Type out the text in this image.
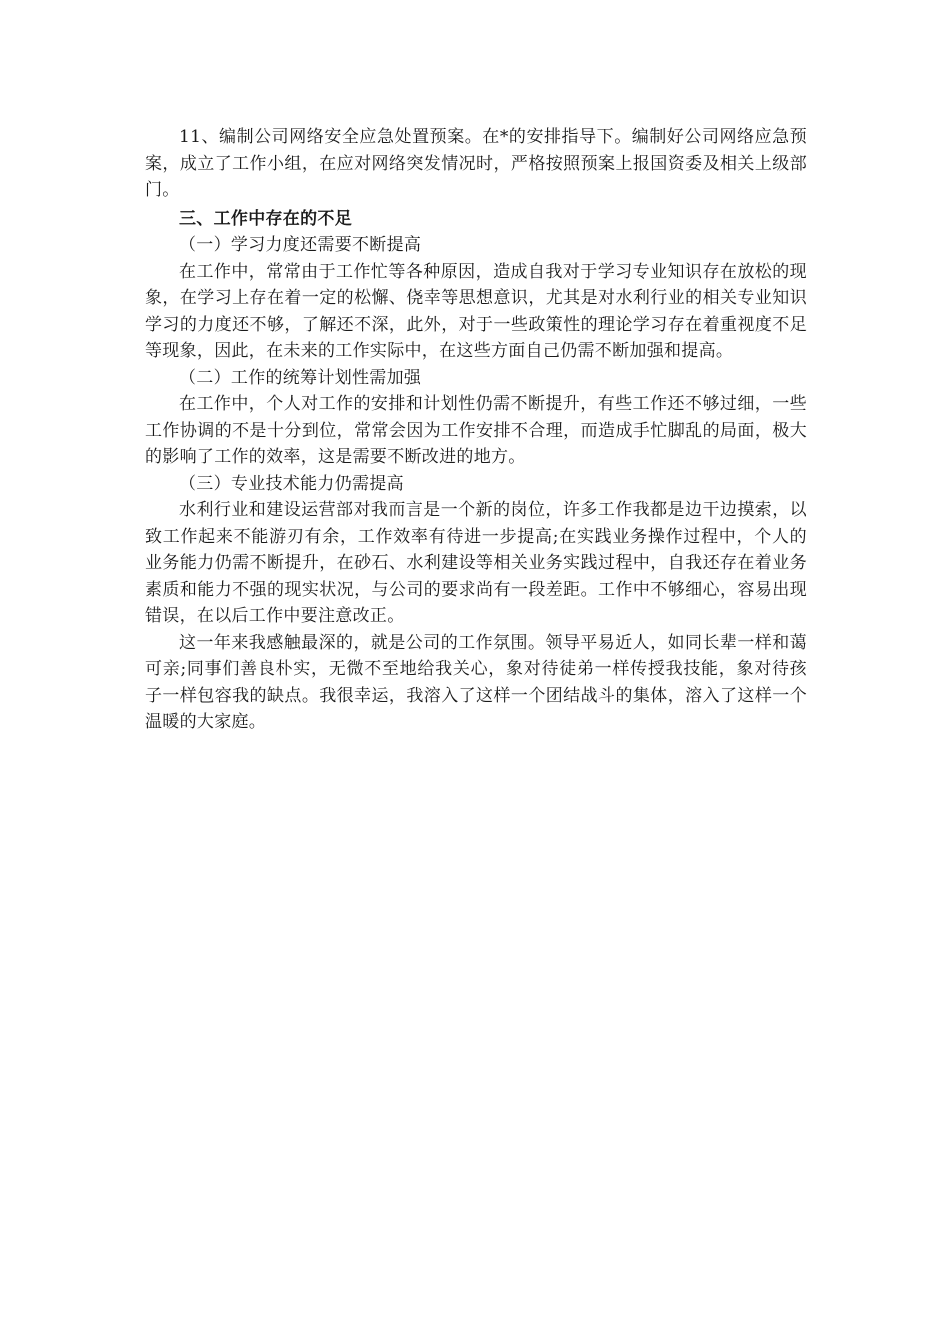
11、编制公司网络安全应急处置预案。在*的安排指导下。编制好公司网络应急预案，成立了工作小组，在应对网络突发情况时，严格按照预案上报国资委及相关上级部门。

三、工作中存在的不足

（一）学习力度还需要不断提高

在工作中，常常由于工作忙等各种原因，造成自我对于学习专业知识存在放松的现象，在学习上存在着一定的松懈、侥幸等思想意识，尤其是对水利行业的相关专业知识学习的力度还不够，了解还不深，此外，对于一些政策性的理论学习存在着重视度不足等现象，因此，在未来的工作实际中，在这些方面自己仍需不断加强和提高。

（二）工作的统筹计划性需加强

在工作中，个人对工作的安排和计划性仍需不断提升，有些工作还不够过细，一些工作协调的不是十分到位，常常会因为工作安排不合理，而造成手忙脚乱的局面，极大的影响了工作的效率，这是需要不断改进的地方。

（三）专业技术能力仍需提高

水利行业和建设运营部对我而言是一个新的岗位，许多工作我都是边干边摸索，以致工作起来不能游刃有余，工作效率有待进一步提高;在实践业务操作过程中，个人的业务能力仍需不断提升，在砂石、水利建设等相关业务实践过程中，自我还存在着业务素质和能力不强的现实状况，与公司的要求尚有一段差距。工作中不够细心，容易出现错误，在以后工作中要注意改正。

这一年来我感触最深的，就是公司的工作氛围。领导平易近人，如同长辈一样和蔼可亲;同事们善良朴实，无微不至地给我关心，象对待徒弟一样传授我技能，象对待孩子一样包容我的缺点。我很幸运，我溶入了这样一个团结战斗的集体，溶入了这样一个温暖的大家庭。
